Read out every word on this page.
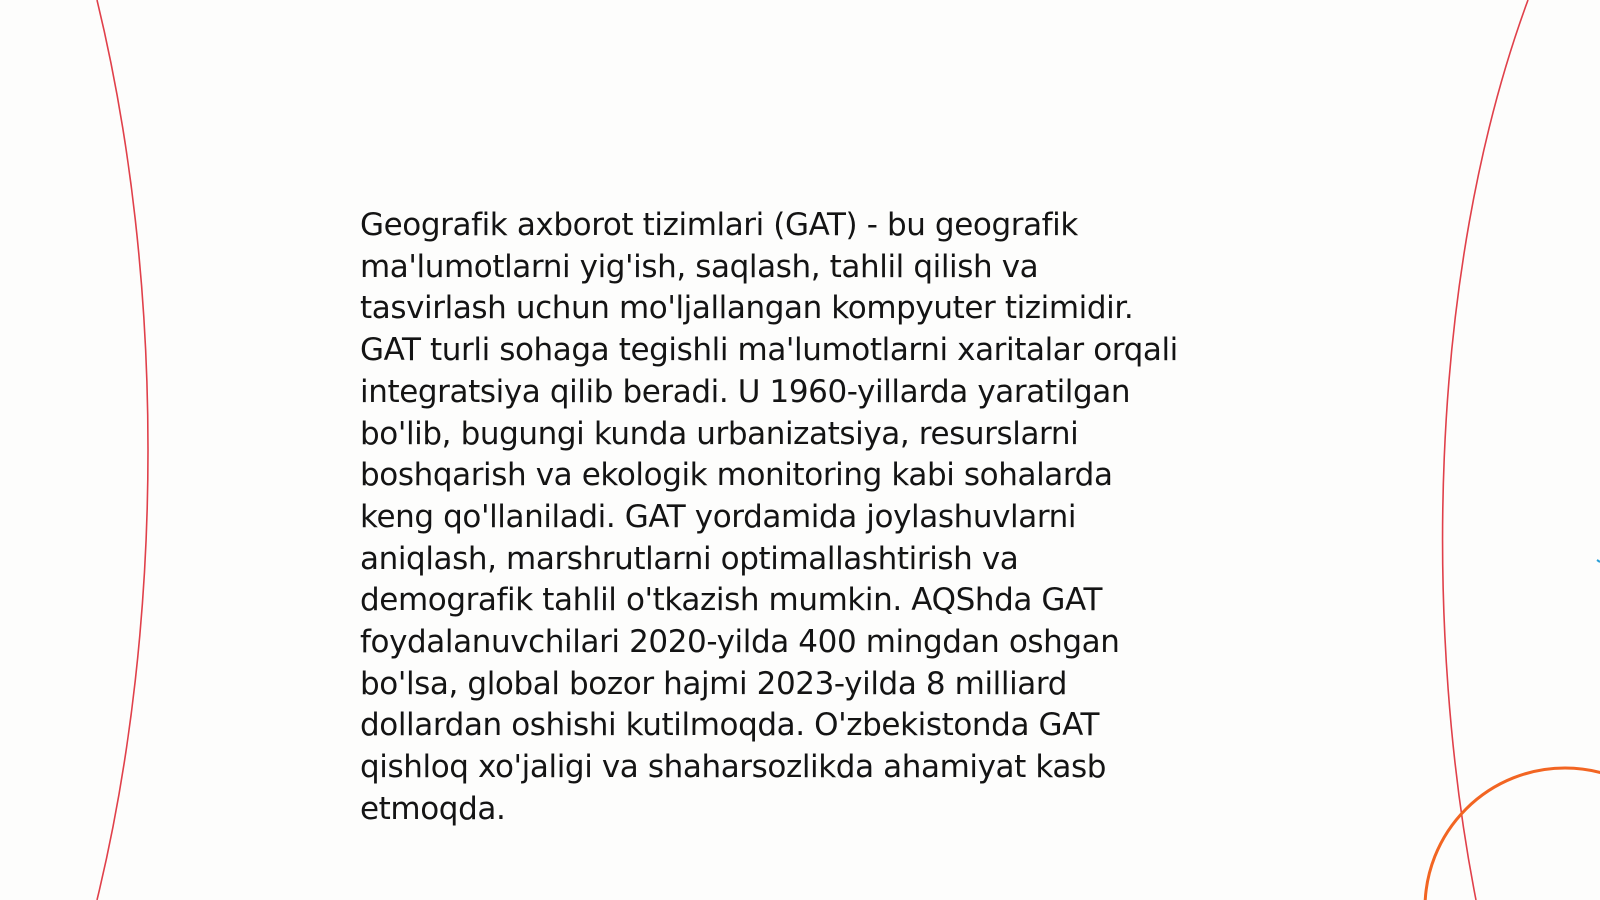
Geografik axborot tizimlari (GAT) - bu geografik
ma'lumotlarni yig'ish, saqlash, tahlil qilish va
tasvirlash uchun mo'ljallangan kompyuter tizimidir.
GAT turli sohaga tegishli ma'lumotlarni xaritalar orqali
integratsiya qilib beradi. U 1960-yillarda yaratilgan
bo'lib, bugungi kunda urbanizatsiya, resurslarni
boshqarish va ekologik monitoring kabi sohalarda
keng qo'llaniladi. GAT yordamida joylashuvlarni
aniqlash, marshrutlarni optimallashtirish va
demografik tahlil o'tkazish mumkin. AQShda GAT
foydalanuvchilari 2020-yilda 400 mingdan oshgan
bo'lsa, global bozor hajmi 2023-yilda 8 milliard
dollardan oshishi kutilmoqda. O'zbekistonda GAT
qishloq xo'jaligi va shaharsozlikda ahamiyat kasb
etmoqda.
